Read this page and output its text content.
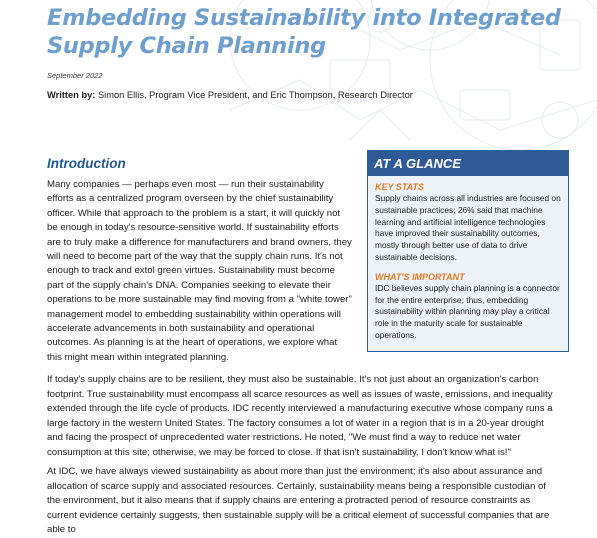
Embedding Sustainability into Integrated Supply Chain Planning
September 2022
Written by: Simon Ellis, Program Vice President, and Eric Thompson, Research Director
Introduction

Many companies — perhaps even most — run their sustainability efforts as a centralized program overseen by the chief sustainability officer. While that approach to the problem is a start, it will quickly not be enough in today's resource-sensitive world. If sustainability efforts are to truly make a difference for manufacturers and brand owners, they will need to become part of the way that the supply chain runs. It's not enough to track and extol green virtues. Sustainability must become part of the supply chain's DNA. Companies seeking to elevate their operations to be more sustainable may find moving from a "white tower" management model to embedding sustainability within operations will accelerate advancements in both sustainability and operational outcomes. As planning is at the heart of operations, we explore what this might mean within integrated planning.

AT A GLANCE
KEY STATS

Supply chains across all industries are focused on sustainable practices; 26% said that machine learning and artificial intelligence technologies have improved their sustainability outcomes, mostly through better use of data to drive sustainable decisions.

WHAT'S IMPORTANT

IDC believes supply chain planning is a connector for the entire enterprise; thus, embedding sustainability within planning may play a critical role in the maturity scale for sustainable operations.

If today's supply chains are to be resilient, they must also be sustainable. It's not just about an organization's carbon footprint. True sustainability must encompass all scarce resources as well as issues of waste, emissions, and inequality extended through the life cycle of products. IDC recently interviewed a manufacturing executive whose company runs a large factory in the western United States. The factory consumes a lot of water in a region that is in a 20-year drought and facing the prospect of unprecedented water restrictions. He noted, "We must find a way to reduce net water consumption at this site; otherwise, we may be forced to close. If that isn't sustainability, I don't know what is!"

At IDC, we have always viewed sustainability as about more than just the environment; it's also about assurance and allocation of scarce supply and associated resources. Certainly, sustainability means being a responsible custodian of the environment, but it also means that if supply chains are entering a protracted period of resource constraints as current evidence certainly suggests, then sustainable supply will be a critical element of successful companies that are able to
